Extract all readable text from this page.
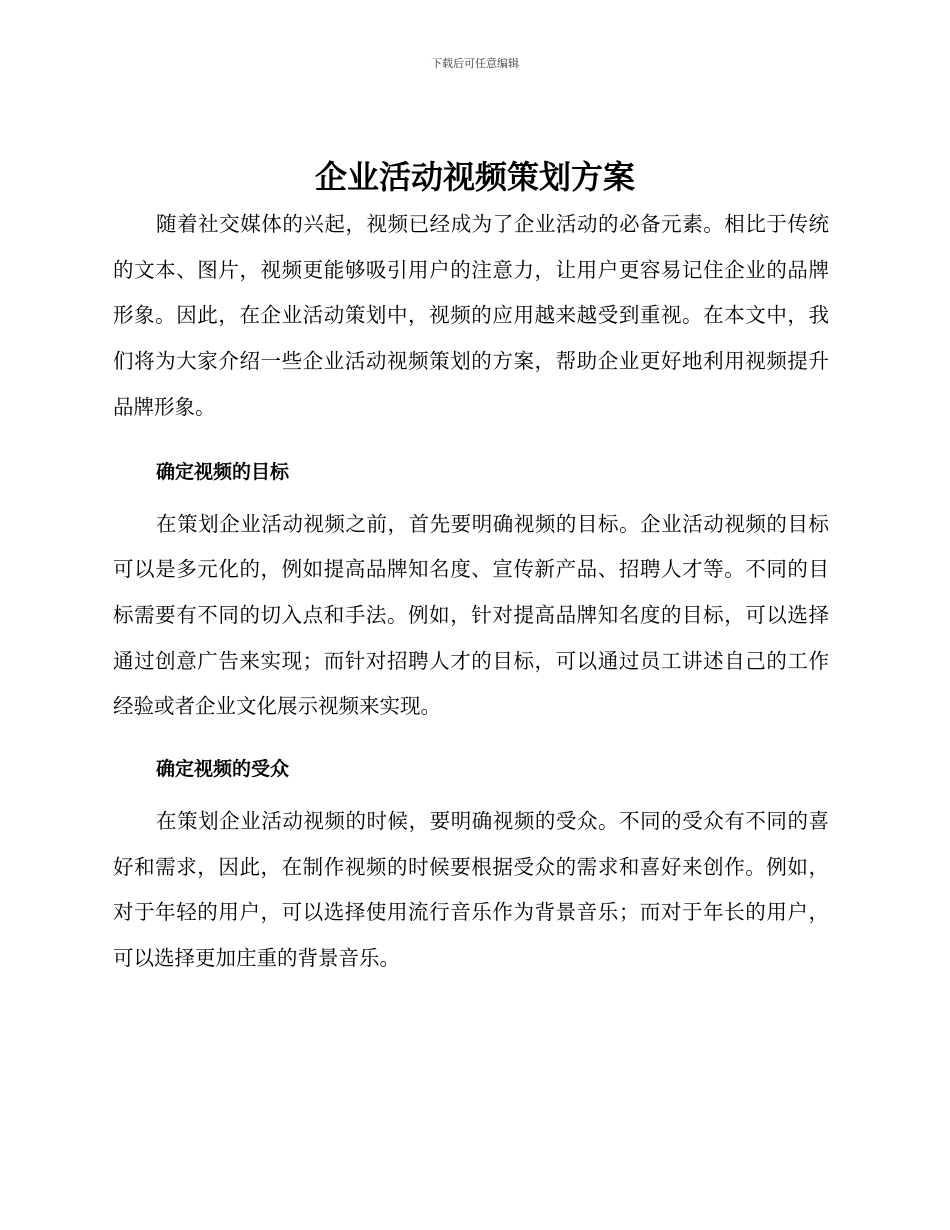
下载后可任意编辑
企业活动视频策划方案

随着社交媒体的兴起，视频已经成为了企业活动的必备元素。相比于传统的文本、图片，视频更能够吸引用户的注意力，让用户更容易记住企业的品牌形象。因此，在企业活动策划中，视频的应用越来越受到重视。在本文中，我们将为大家介绍一些企业活动视频策划的方案，帮助企业更好地利用视频提升品牌形象。

确定视频的目标

在策划企业活动视频之前，首先要明确视频的目标。企业活动视频的目标可以是多元化的，例如提高品牌知名度、宣传新产品、招聘人才等。不同的目标需要有不同的切入点和手法。例如，针对提高品牌知名度的目标，可以选择通过创意广告来实现；而针对招聘人才的目标，可以通过员工讲述自己的工作经验或者企业文化展示视频来实现。

确定视频的受众

在策划企业活动视频的时候，要明确视频的受众。不同的受众有不同的喜好和需求，因此，在制作视频的时候要根据受众的需求和喜好来创作。例如，对于年轻的用户，可以选择使用流行音乐作为背景音乐；而对于年长的用户，可以选择更加庄重的背景音乐。
